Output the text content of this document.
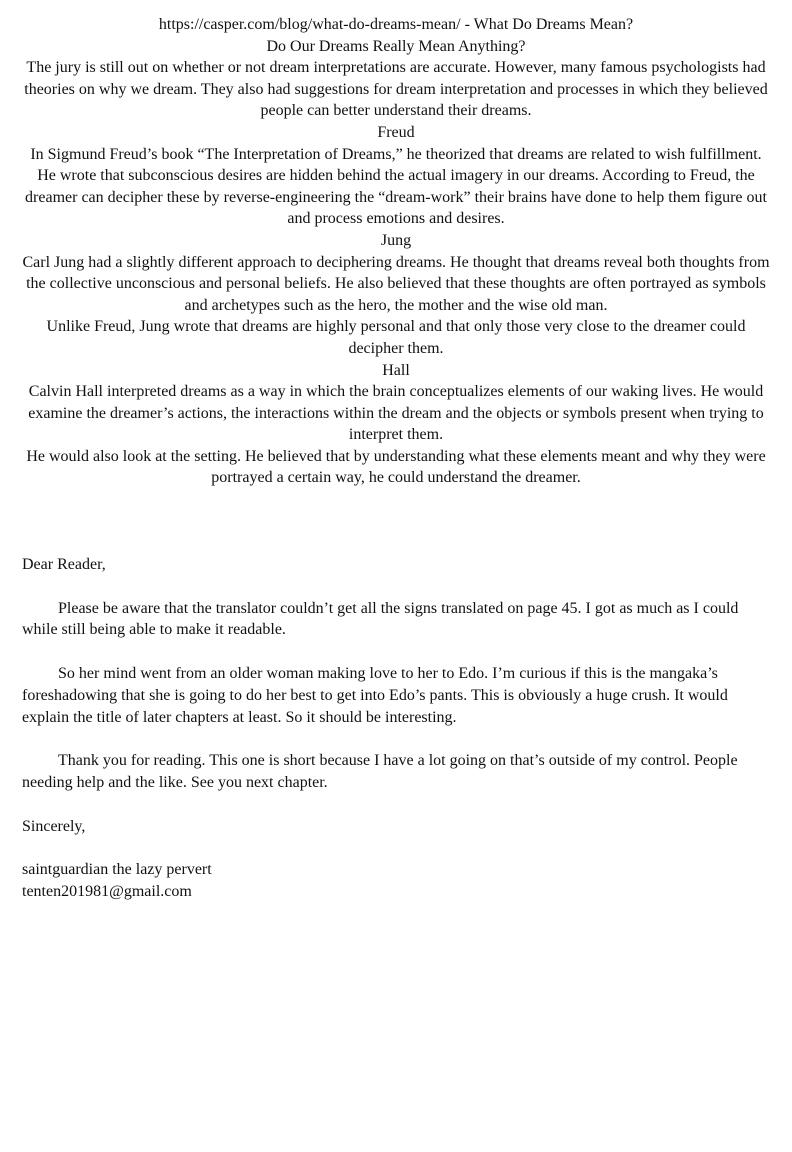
https://casper.com/blog/what-do-dreams-mean/ - What Do Dreams Mean?

Do Our Dreams Really Mean Anything?

The jury is still out on whether or not dream interpretations are accurate. However, many famous psychologists had theories on why we dream. They also had suggestions for dream interpretation and processes in which they believed people can better understand their dreams.

Freud

In Sigmund Freud’s book “The Interpretation of Dreams,” he theorized that dreams are related to wish fulfillment. He wrote that subconscious desires are hidden behind the actual imagery in our dreams. According to Freud, the dreamer can decipher these by reverse-engineering the “dream-work” their brains have done to help them figure out and process emotions and desires.

Jung

Carl Jung had a slightly different approach to deciphering dreams. He thought that dreams reveal both thoughts from the collective unconscious and personal beliefs. He also believed that these thoughts are often portrayed as symbols and archetypes such as the hero, the mother and the wise old man.

Unlike Freud, Jung wrote that dreams are highly personal and that only those very close to the dreamer could decipher them.

Hall

Calvin Hall interpreted dreams as a way in which the brain conceptualizes elements of our waking lives. He would examine the dreamer’s actions, the interactions within the dream and the objects or symbols present when trying to interpret them.

He would also look at the setting. He believed that by understanding what these elements meant and why they were portrayed a certain way, he could understand the dreamer.

Dear Reader,

Please be aware that the translator couldn’t get all the signs translated on page 45. I got as much as I could while still being able to make it readable.

So her mind went from an older woman making love to her to Edo. I’m curious if this is the mangaka’s foreshadowing that she is going to do her best to get into Edo’s pants. This is obviously a huge crush. It would explain the title of later chapters at least. So it should be interesting.

Thank you for reading. This one is short because I have a lot going on that’s outside of my control. People needing help and the like. See you next chapter.

Sincerely,

saintguardian the lazy pervert
tenten201981@gmail.com
